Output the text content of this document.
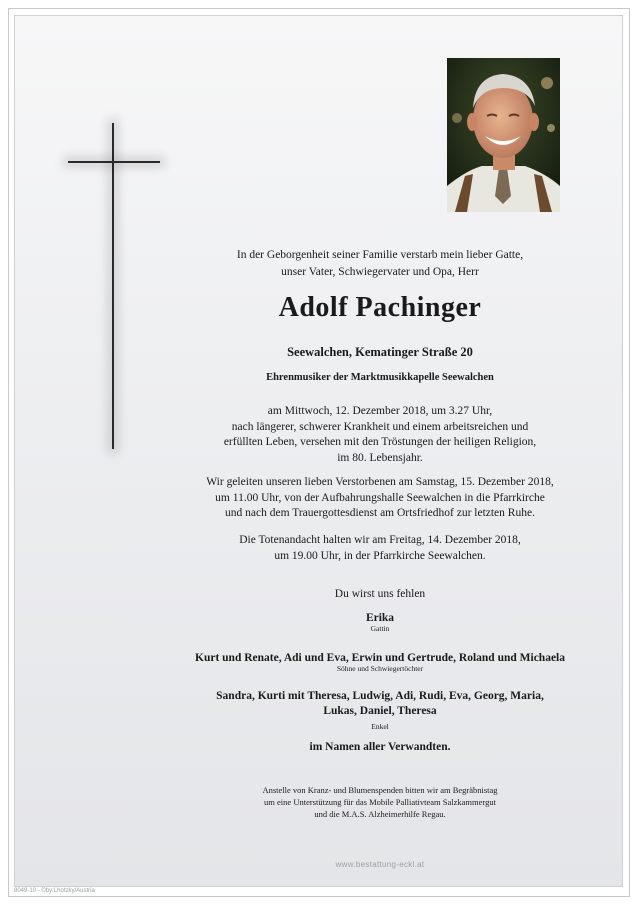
In der Geborgenheit seiner Familie verstarb mein lieber Gatte,

unser Vater, Schwiegervater und Opa, Herr

Adolf Pachinger
Seewalchen, Kematinger Straße 20
Ehrenmusiker der Marktmusikkapelle Seewalchen

am Mittwoch, 12. Dezember 2018, um 3.27 Uhr,

nach längerer, schwerer Krankheit und einem arbeitsreichen und

erfüllten Leben, versehen mit den Tröstungen der heiligen Religion,

im 80. Lebensjahr.

Wir geleiten unseren lieben Verstorbenen am Samstag, 15. Dezember 2018,

um 11.00 Uhr, von der Aufbahrungshalle Seewalchen in die Pfarrkirche

und nach dem Trauergottesdienst am Ortsfriedhof zur letzten Ruhe.

Die Totenandacht halten wir am Freitag, 14. Dezember 2018,

um 19.00 Uhr, in der Pfarrkirche Seewalchen.

Du wirst uns fehlen

Erika

Gattin

Kurt und Renate, Adi und Eva, Erwin und Gertrude, Roland und Michaela

Söhne und Schwiegertöchter

Sandra, Kurti mit Theresa, Ludwig, Adi, Rudi, Eva, Georg, Maria,

Lukas, Daniel, Theresa

Enkel

im Namen aller Verwandten.

Anstelle von Kranz- und Blumenspenden bitten wir am Begräbnistag

um eine Unterstützung für das Mobile Palliativteam Salzkammergut

und die M.A.S. Alzheimerhilfe Regau.

www.bestattung-eckl.at
8049-10 - ©by:Lhotzky/Austria
